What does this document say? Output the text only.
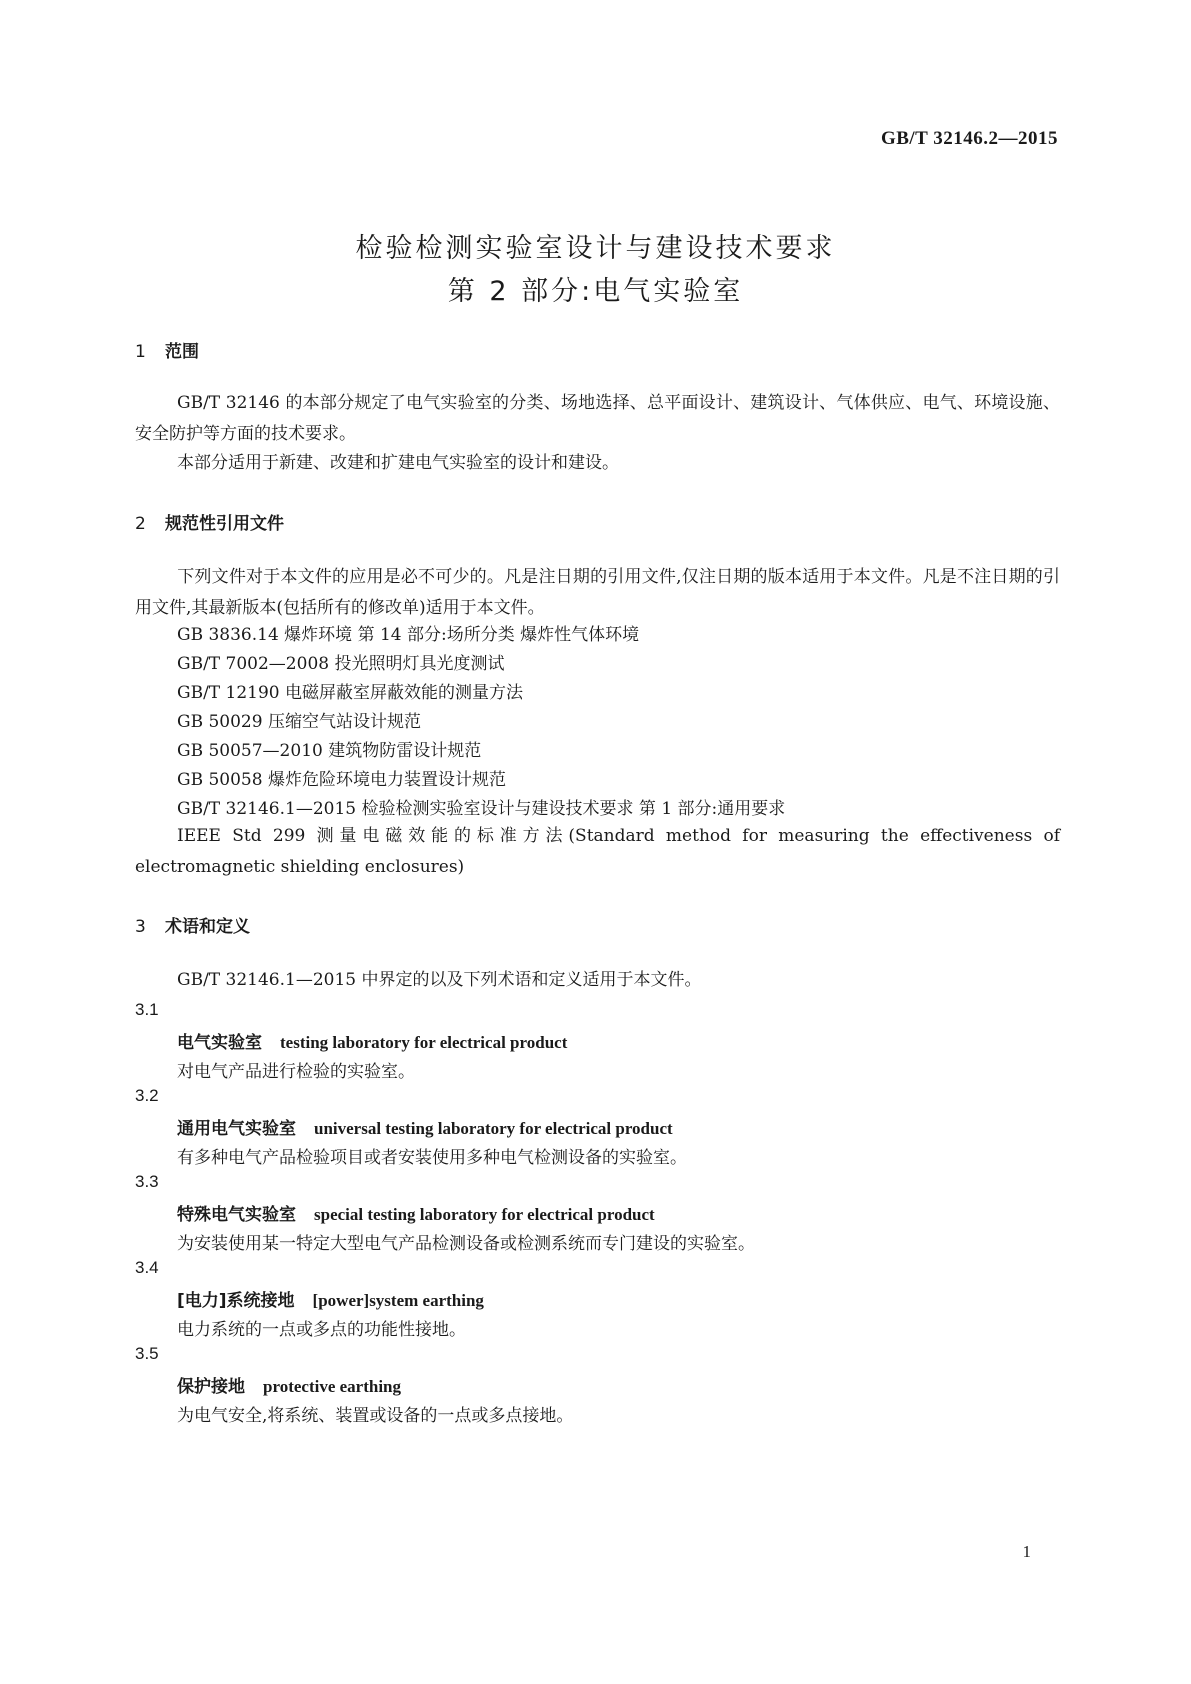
GB/T 32146.2—2015
检验检测实验室设计与建设技术要求
第 2 部分:电气实验室
1 范围
GB/T 32146 的本部分规定了电气实验室的分类、场地选择、总平面设计、建筑设计、气体供应、电气、环境设施、安全防护等方面的技术要求。
本部分适用于新建、改建和扩建电气实验室的设计和建设。
2 规范性引用文件
下列文件对于本文件的应用是必不可少的。凡是注日期的引用文件,仅注日期的版本适用于本文件。凡是不注日期的引用文件,其最新版本(包括所有的修改单)适用于本文件。
GB 3836.14 爆炸环境 第 14 部分:场所分类 爆炸性气体环境
GB/T 7002—2008 投光照明灯具光度测试
GB/T 12190 电磁屏蔽室屏蔽效能的测量方法
GB 50029 压缩空气站设计规范
GB 50057—2010 建筑物防雷设计规范
GB 50058 爆炸危险环境电力装置设计规范
GB/T 32146.1—2015 检验检测实验室设计与建设技术要求 第 1 部分:通用要求
IEEE Std 299 测量电磁效能的标准方法(Standard method for measuring the effectiveness of electromagnetic shielding enclosures)
3 术语和定义
GB/T 32146.1—2015 中界定的以及下列术语和定义适用于本文件。
3.1
电气实验室 testing laboratory for electrical product
对电气产品进行检验的实验室。
3.2
通用电气实验室 universal testing laboratory for electrical product
有多种电气产品检验项目或者安装使用多种电气检测设备的实验室。
3.3
特殊电气实验室 special testing laboratory for electrical product
为安装使用某一特定大型电气产品检测设备或检测系统而专门建设的实验室。
3.4
[电力]系统接地 [power]system earthing
电力系统的一点或多点的功能性接地。
3.5
保护接地 protective earthing
为电气安全,将系统、装置或设备的一点或多点接地。
1
